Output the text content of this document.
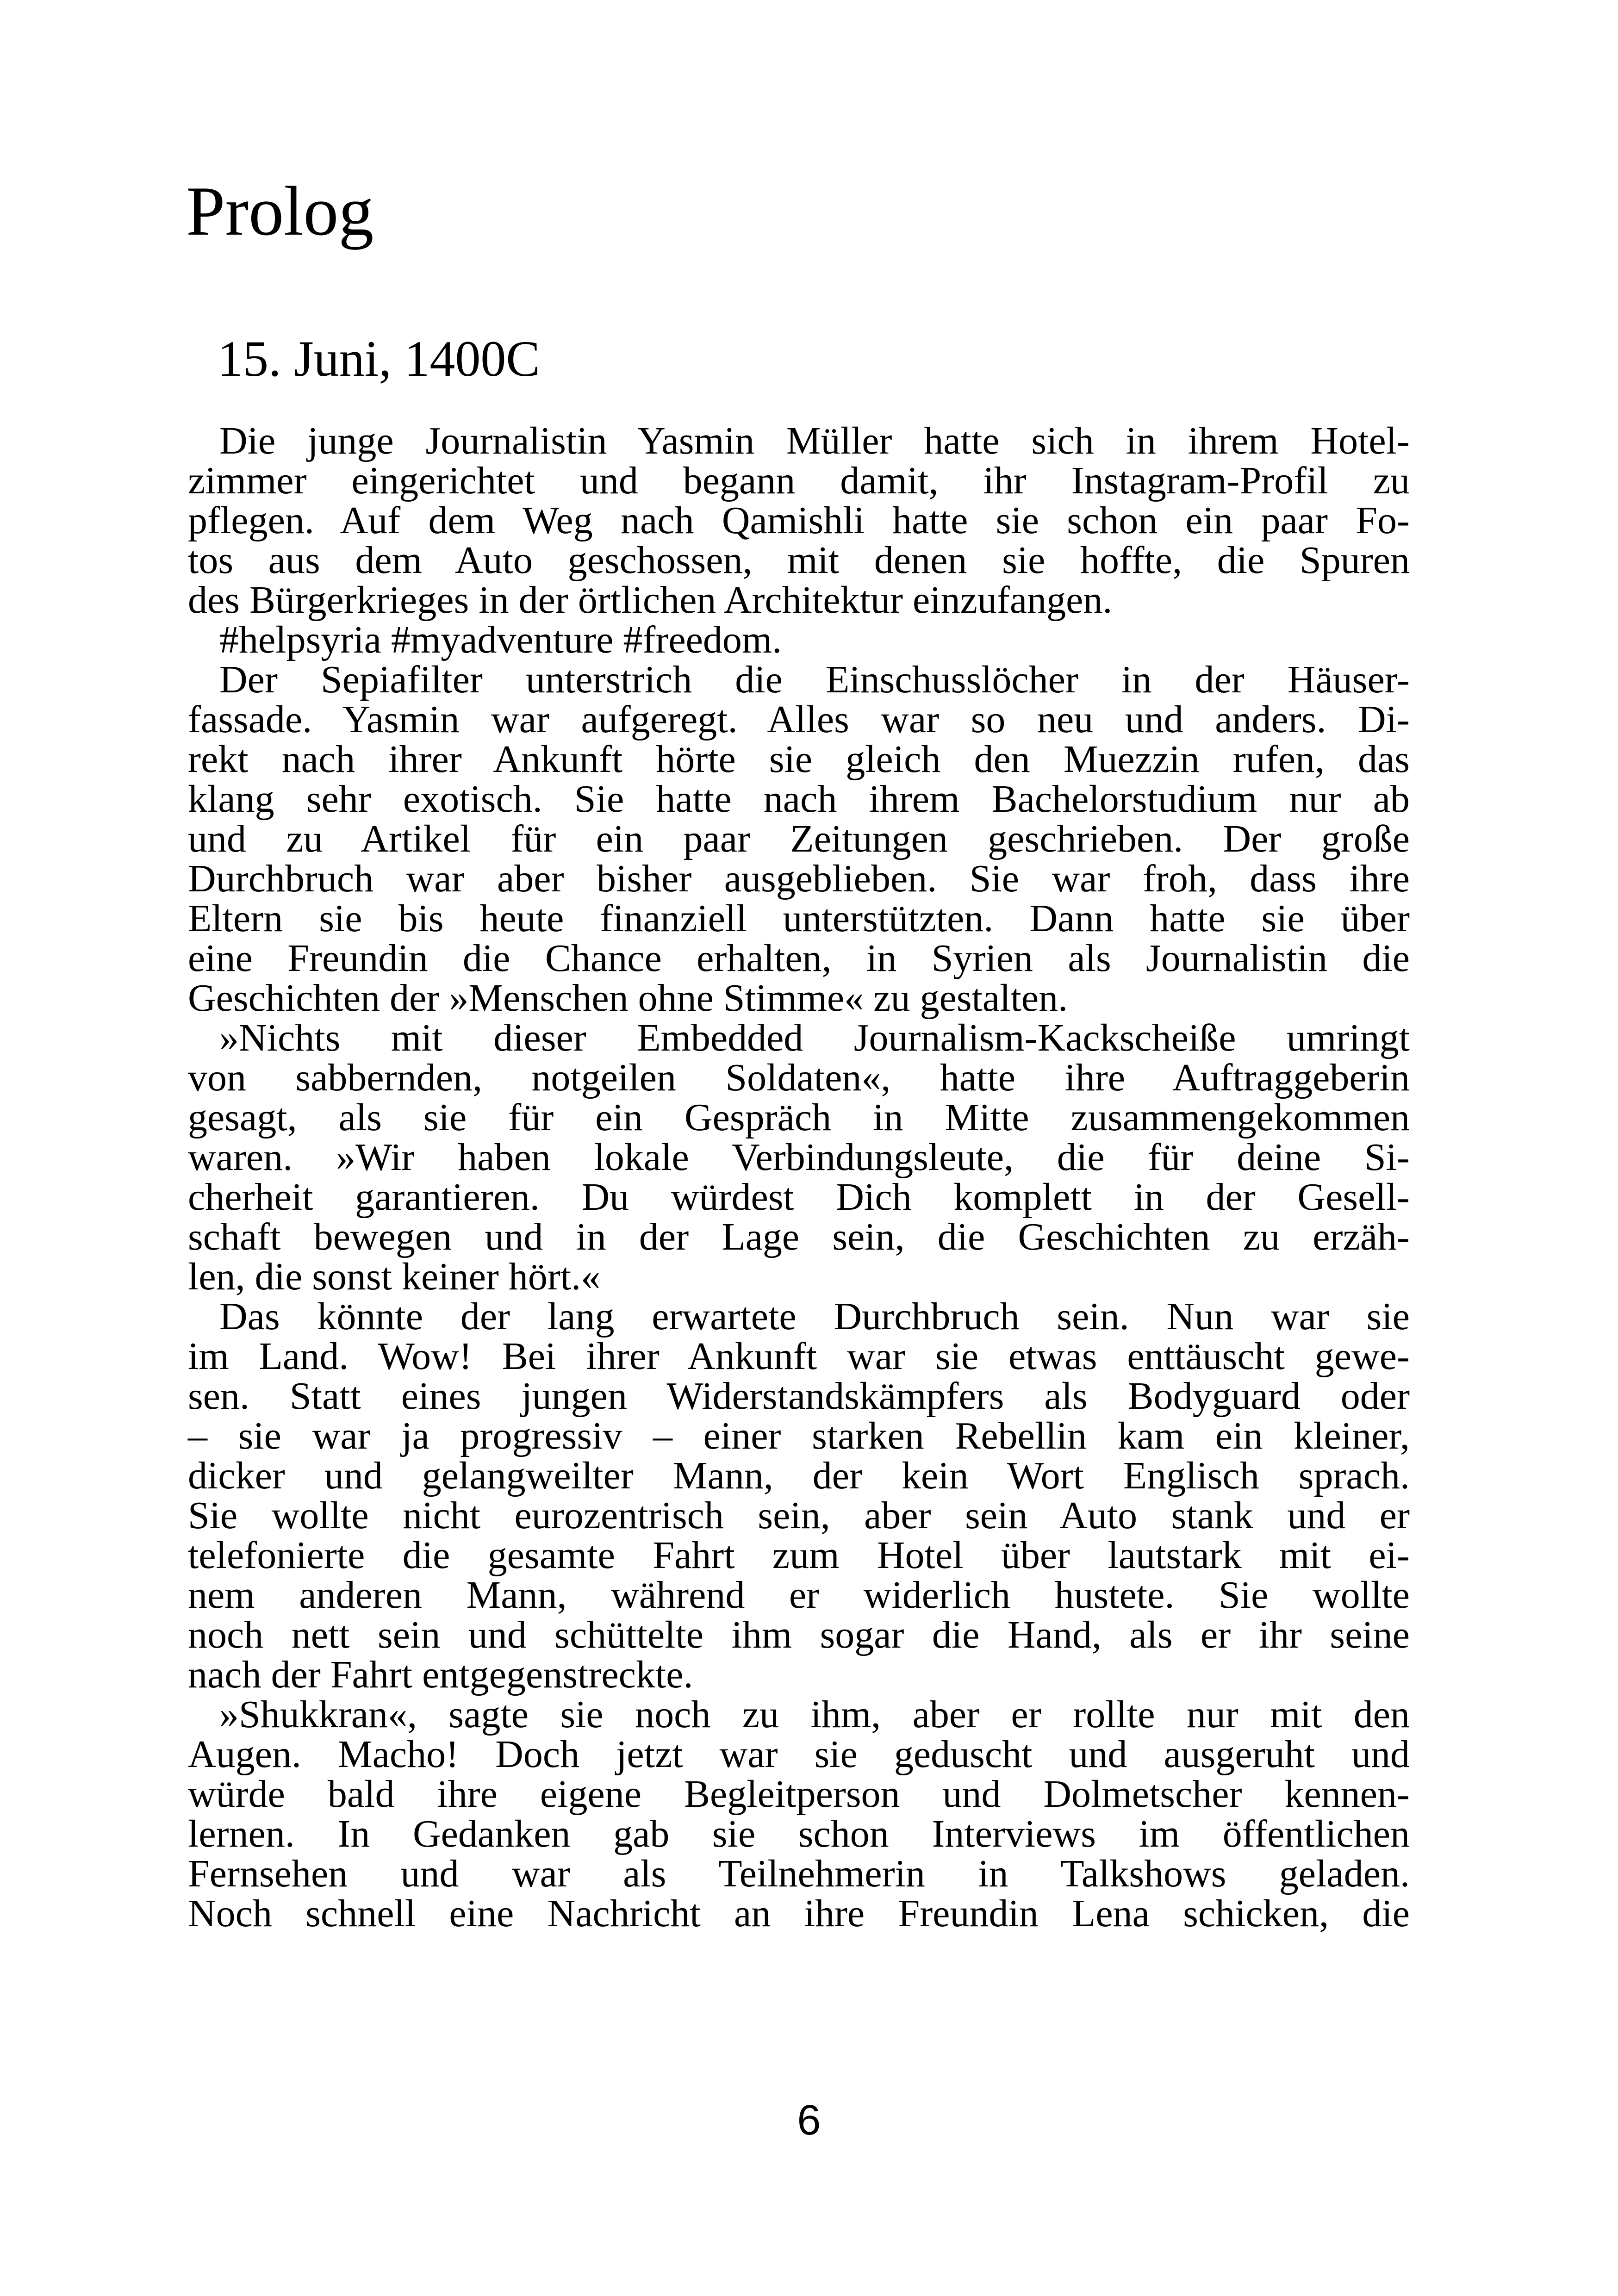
Prolog
15. Juni, 1400C
Die junge Journalistin Yasmin Müller hatte sich in ihrem Hotel-
zimmer eingerichtet und begann damit, ihr Instagram-Profil zu
pflegen. Auf dem Weg nach Qamishli hatte sie schon ein paar Fo-
tos aus dem Auto geschossen, mit denen sie hoffte, die Spuren
des Bürgerkrieges in der örtlichen Architektur einzufangen.
#helpsyria #myadventure #freedom.
Der Sepiafilter unterstrich die Einschusslöcher in der Häuser-
fassade. Yasmin war aufgeregt. Alles war so neu und anders. Di-
rekt nach ihrer Ankunft hörte sie gleich den Muezzin rufen, das
klang sehr exotisch. Sie hatte nach ihrem Bachelorstudium nur ab
und zu Artikel für ein paar Zeitungen geschrieben. Der große
Durchbruch war aber bisher ausgeblieben. Sie war froh, dass ihre
Eltern sie bis heute finanziell unterstützten. Dann hatte sie über
eine Freundin die Chance erhalten, in Syrien als Journalistin die
Geschichten der »Menschen ohne Stimme« zu gestalten.
»Nichts mit dieser Embedded Journalism-Kackscheiße umringt
von sabbernden, notgeilen Soldaten«, hatte ihre Auftraggeberin
gesagt, als sie für ein Gespräch in Mitte zusammengekommen
waren. »Wir haben lokale Verbindungsleute, die für deine Si-
cherheit garantieren. Du würdest Dich komplett in der Gesell-
schaft bewegen und in der Lage sein, die Geschichten zu erzäh-
len, die sonst keiner hört.«
Das könnte der lang erwartete Durchbruch sein. Nun war sie
im Land. Wow! Bei ihrer Ankunft war sie etwas enttäuscht gewe-
sen. Statt eines jungen Widerstandskämpfers als Bodyguard oder
– sie war ja progressiv – einer starken Rebellin kam ein kleiner,
dicker und gelangweilter Mann, der kein Wort Englisch sprach.
Sie wollte nicht eurozentrisch sein, aber sein Auto stank und er
telefonierte die gesamte Fahrt zum Hotel über lautstark mit ei-
nem anderen Mann, während er widerlich hustete. Sie wollte
noch nett sein und schüttelte ihm sogar die Hand, als er ihr seine
nach der Fahrt entgegenstreckte.
»Shukkran«, sagte sie noch zu ihm, aber er rollte nur mit den
Augen. Macho! Doch jetzt war sie geduscht und ausgeruht und
würde bald ihre eigene Begleitperson und Dolmetscher kennen-
lernen. In Gedanken gab sie schon Interviews im öffentlichen
Fernsehen und war als Teilnehmerin in Talkshows geladen.
Noch schnell eine Nachricht an ihre Freundin Lena schicken, die
6
